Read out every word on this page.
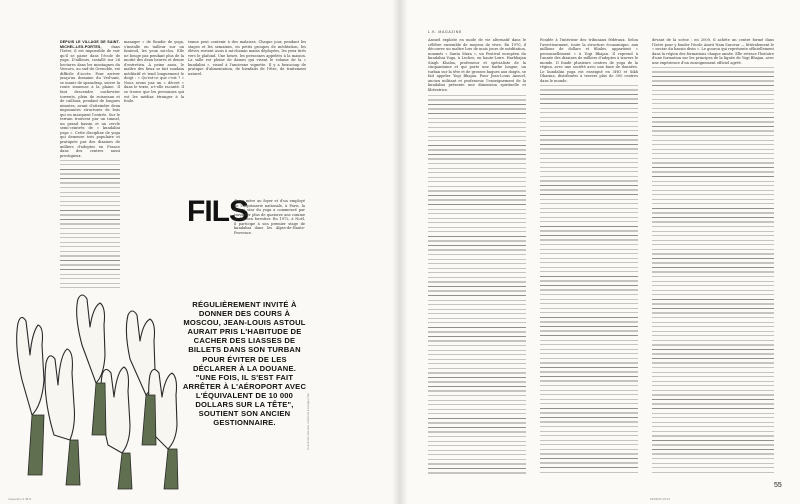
DEPUIS LE VILLAGE DE SAINT-MICHEL-LES-PORTES,	dans l'Isère, il est impossible de voir qu'il se passe dans l'école de yoga. D'ailleurs, installé sur 26 hectares dans les montagnes du Vercors, au sud-de Grenoble, est difficile d'accès. Pour arriver jusqu'au domaine du Ved'sant, se munir de sparadrap, suivre la route sinueuse à la plaine. Il faut descendre ouchevrier torrents, plein de ruisseaux et de cailloux, pendant de longues minutes, avant d'atteindre deux imposantes structures de bois qui en marquent l'entrée. Sur le terrain trouvent par un tunnel, un grand bassin et un cercle semi-ceintrés de « kundalini yoga ». Cette discipline de yoga qui demeure très populaire et pratiquée par des dizaines de milliers d'adeptes en France dans des centres aussi prestigieux.
manager » de Boudie de yoga, s'installe en tailleur sur un fauteuil, les yeux mi-clos. Elle ne bouge pas pendant plus de la moitié des deux heures et demie d'entretien. À peine assis, le maître des lieux se fait soudain méditatif et tend longuement le doigt : « Qu'est-ce que c'est ? » Nous avons pas un « décret » dans le texte, a-t-elle raconté. Il se trouve que les personnes qui est les médias étranger à la foule.
trame peut contenir à des malaises. Chaque jour, pendant les stages et les semaines, en petits groupes de méditation, les élèves restent assis à mi-chemin mains déployées, les yeux tirés vers le plafond. Une heure, les personnes appelées à la maison. La salle est pleine de dames qui visent le volume de la « kundalini », visuel à l'ancienne vignette. Il y a beaucoup de pratique d'alimentation, de bienfaits de l'être, de traitement naturel.
FILS
d'une mère au foyer et d'un employé de l'imprimerie nationale, à Paris, la future star du yoga a commencé par travailler plus de quatorze ans comme technicien forestier. En 1972, à Noël, il participe à son premier stage de kundalini dans les Alpes-de-Haute-Provence.
RÉGULIÈREMENT INVITÉ À DONNER DES COURS À MOSCOU, JEAN-LOUIS ASTOUL AURAIT PRIS L'HABITUDE DE CACHER DES LIASSES DE BILLETS DANS SON TURBAN POUR ÉVITER DE LES DÉCLARER À LA DOUANE. "UNE FOIS, IL S'EST FAIT ARRÊTER À L'AÉROPORT AVEC L'ÉQUIVALENT DE 10 000 DOLLARS SUR LA TÊTE", SOUTIENT SON ANCIEN GESTIONNAIRE.	Tous droits réservés • Réservé à l'usage privé
Inspection 4 48 D
L.K. MAGAZINE
Ansuel exploite en mode de vie alternatif dans le célèbre ensemble de moyens de vivre. En 1970, il découvre un maître lors de mois jours de méditation, nommés « Santa Mara », un Festival européen du kundalini Yoga, à Leches, en haute-Loire. Harbhajan Singh Khalsa, professeur et spécialiste de la cinquantaine et qui porte une barbe longue, un turban sur la tête et de grosses bagues aux doigts, se fait appeler Yogi Bhajan. Pour Jean-Louis Ansuel, ancien militant et professeur, l'enseignement de la kundalini présente une dimension spirituelle et libératrice.
Fondée à l'intérieur des tribunaux fédéraux. Selon l'avertissement, toute la structure économique, aux millions de dollars et filiales, appartient « personnellement » à Yogi Bhajan. Il reprend à l'année des dizaines de milliers d'adeptes à travers le monde. Il fondé plusieurs centres de yoga de la région, avec une société avec une base de données. Le kundalini yoga est enseigné en 3HO et Sikh Dharma, distribuées à travers plus de 300 centres dans le monde.
devant de la scène : en 2000, il achète un centre formé dans l'Isère pour y fonder l'école Amrit Nam Sarovar — littéralement le « nectar du bassin divin ». Le gourou qui représente officiellement dans la région des formations chaque année. Elle retrace l'histoire d'une formation sur les principes de la lignée de Yogi Bhajan, avec une expérience d'un enseignement officiel agréé.
55
24/06/23 15:14
